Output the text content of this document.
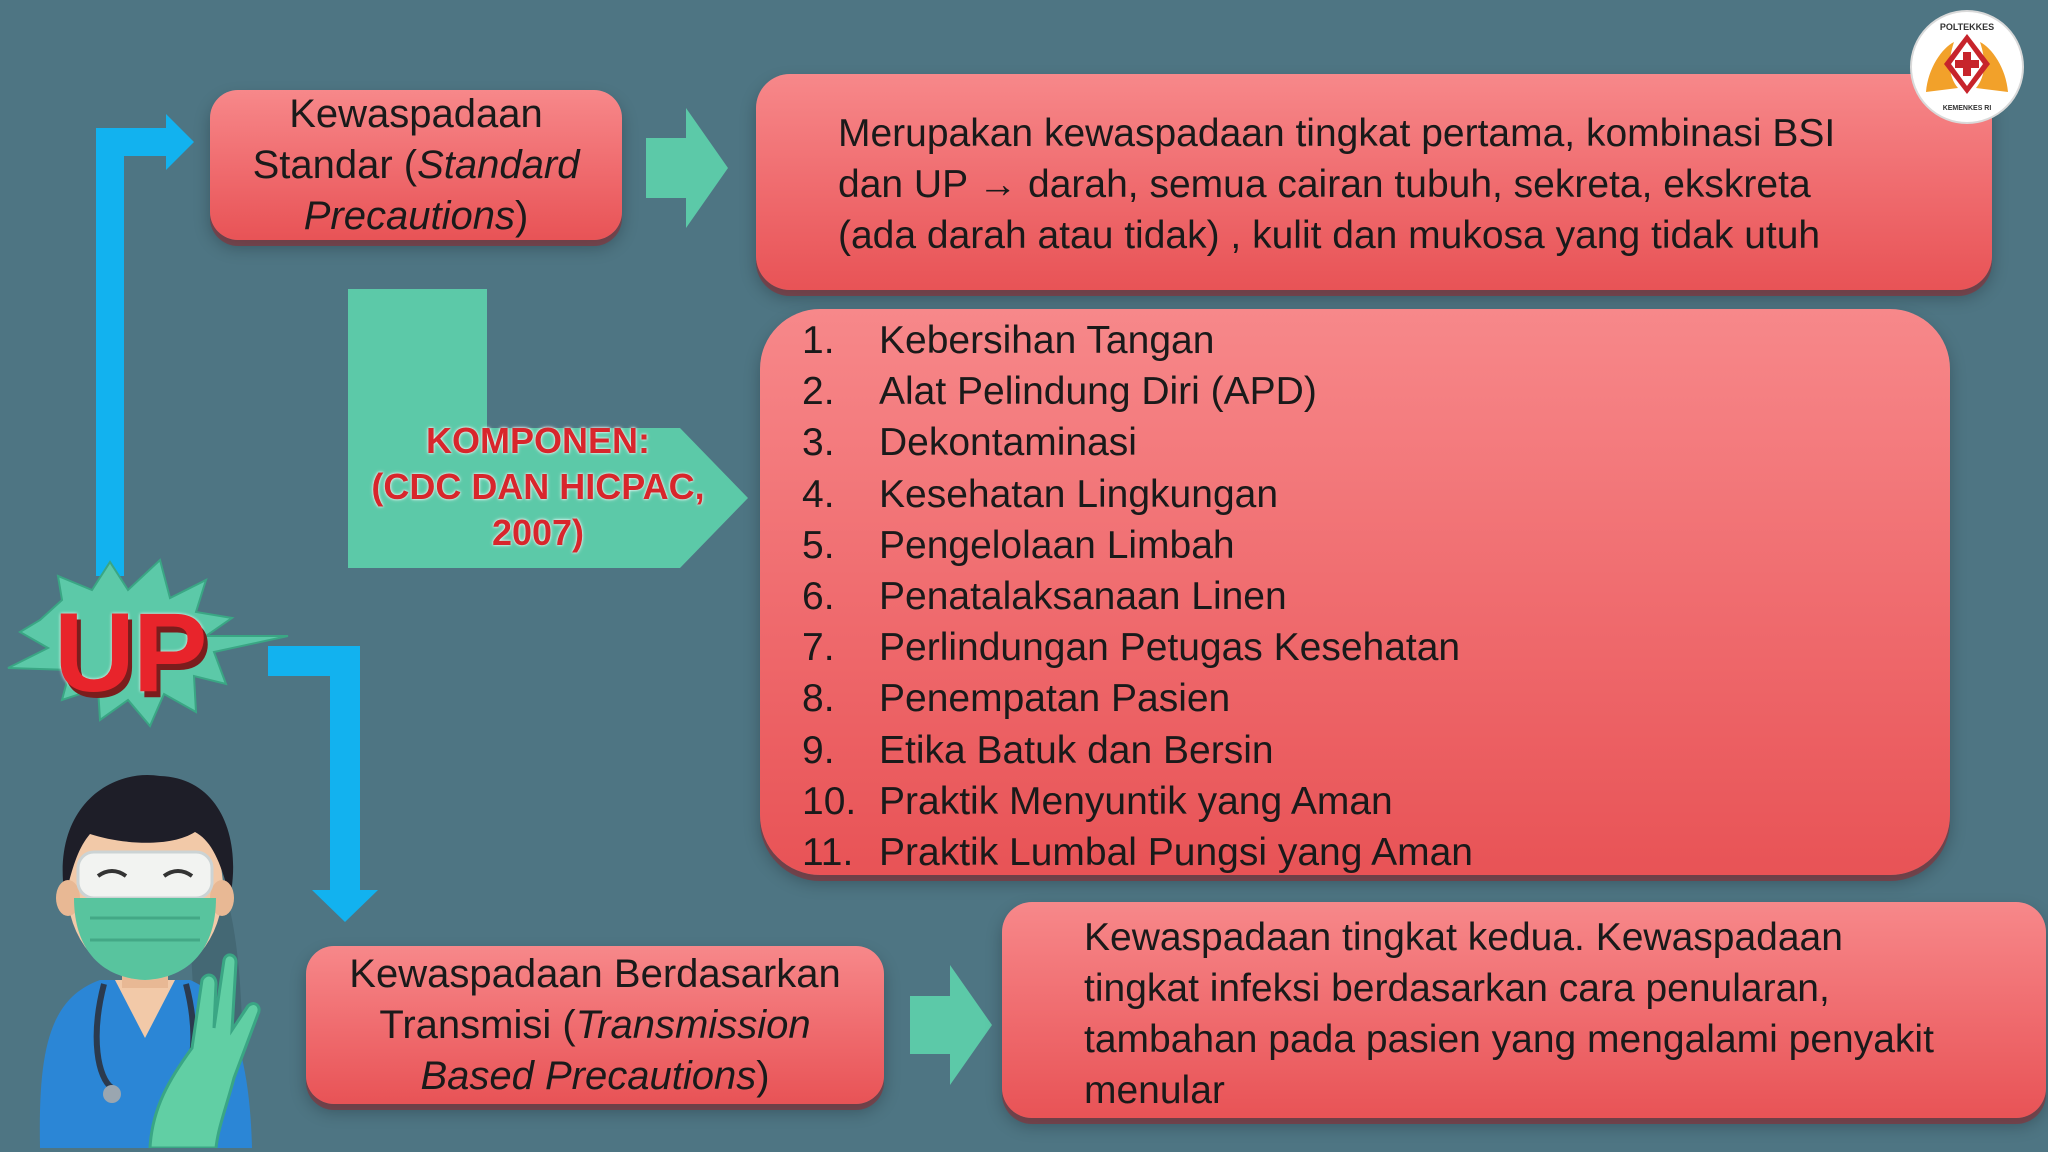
UP
Kewaspadaan
Standar (Standard
Precautions)
Merupakan kewaspadaan tingkat pertama, kombinasi BSI
dan UP → darah, semua cairan tubuh, sekreta, ekskreta
(ada darah atau tidak) , kulit dan mukosa yang tidak utuh
KOMPONEN:
(CDC DAN HICPAC,
2007)
1.	Kebersihan Tangan
2.	Alat Pelindung Diri (APD)
3.	Dekontaminasi
4.	Kesehatan Lingkungan
5.	Pengelolaan Limbah
6.	Penatalaksanaan Linen
7.	Perlindungan Petugas Kesehatan
8.	Penempatan Pasien
9.	Etika Batuk dan Bersin
10. Praktik Menyuntik yang Aman
11. Praktik Lumbal Pungsi yang Aman
Kewaspadaan Berdasarkan
Transmisi (Transmission
Based Precautions)
Kewaspadaan tingkat kedua. Kewaspadaan
tingkat infeksi berdasarkan cara penularan,
tambahan pada pasien yang mengalami penyakit
menular
POLTEKKES
KEMENKES RI
